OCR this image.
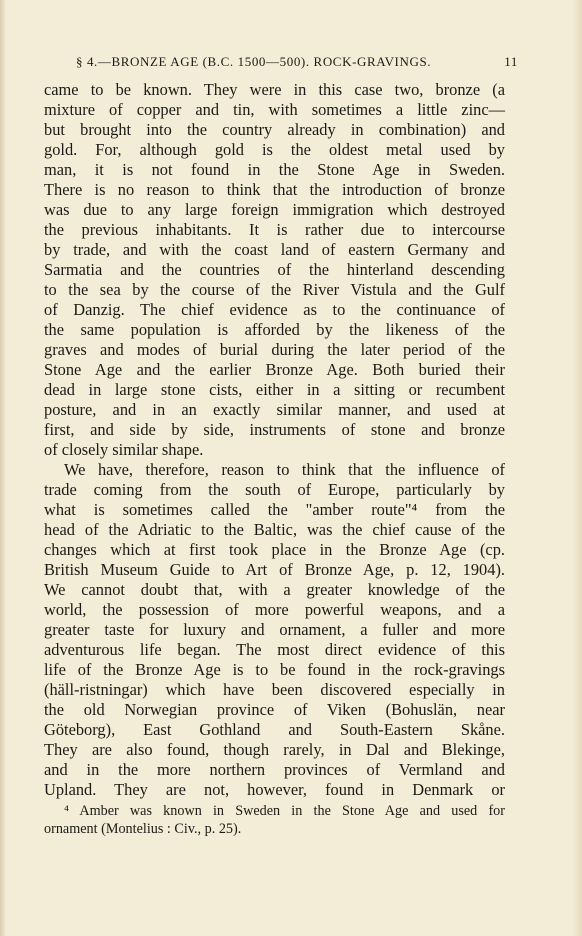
§ 4.—BRONZE AGE (B.C. 1500—500). ROCK-GRAVINGS.	11
came to be known. They were in this case two, bronze (a
mixture of copper and tin, with sometimes a little zinc—
but brought into the country already in combination) and
gold. For, although gold is the oldest metal used by
man, it is not found in the Stone Age in Sweden.
There is no reason to think that the introduction of bronze
was due to any large foreign immigration which destroyed
the previous inhabitants. It is rather due to intercourse
by trade, and with the coast land of eastern Germany and
Sarmatia and the countries of the hinterland descending
to the sea by the course of the River Vistula and the Gulf
of Danzig. The chief evidence as to the continuance of
the same population is afforded by the likeness of the
graves and modes of burial during the later period of the
Stone Age and the earlier Bronze Age. Both buried their
dead in large stone cists, either in a sitting or recumbent
posture, and in an exactly similar manner, and used at
first, and side by side, instruments of stone and bronze
of closely similar shape.
We have, therefore, reason to think that the influence of
trade coming from the south of Europe, particularly by
what is sometimes called the "amber route"⁴ from the
head of the Adriatic to the Baltic, was the chief cause of the
changes which at first took place in the Bronze Age (cp.
British Museum Guide to Art of Bronze Age, p. 12, 1904).
We cannot doubt that, with a greater knowledge of the
world, the possession of more powerful weapons, and a
greater taste for luxury and ornament, a fuller and more
adventurous life began. The most direct evidence of this
life of the Bronze Age is to be found in the rock-gravings
(häll-ristningar) which have been discovered especially in
the old Norwegian province of Viken (Bohuslän, near
Göteborg), East Gothland and South-Eastern Skåne.
They are also found, though rarely, in Dal and Blekinge,
and in the more northern provinces of Vermland and
Upland. They are not, however, found in Denmark or
⁴ Amber was known in Sweden in the Stone Age and used for
ornament (Montelius : Civ., p. 25).
